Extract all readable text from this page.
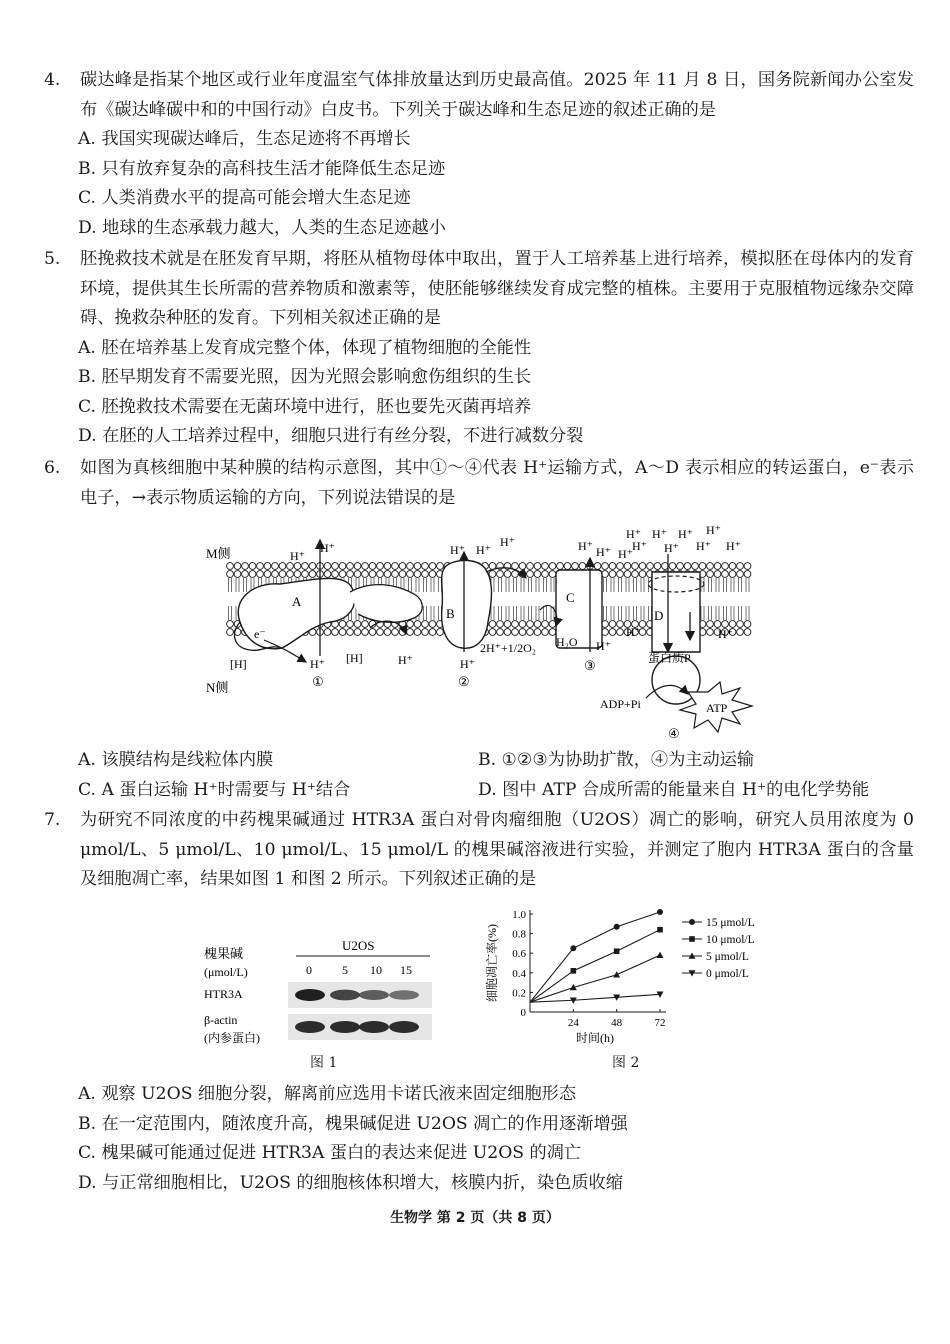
4. 碳达峰是指某个地区或行业年度温室气体排放量达到历史最高值。2025 年 11 月 8 日，国务院新闻办公室发布《碳达峰碳中和的中国行动》白皮书。下列关于碳达峰和生态足迹的叙述正确的是
A. 我国实现碳达峰后，生态足迹将不再增长
B. 只有放弃复杂的高科技生活才能降低生态足迹
C. 人类消费水平的提高可能会增大生态足迹
D. 地球的生态承载力越大，人类的生态足迹越小
5. 胚挽救技术就是在胚发育早期，将胚从植物母体中取出，置于人工培养基上进行培养，模拟胚在母体内的发育环境，提供其生长所需的营养物质和激素等，使胚能够继续发育成完整的植株。主要用于克服植物远缘杂交障碍、挽救杂种胚的发育。下列相关叙述正确的是
A. 胚在培养基上发育成完整个体，体现了植物细胞的全能性
B. 胚早期发育不需要光照，因为光照会影响愈伤组织的生长
C. 胚挽救技术需要在无菌环境中进行，胚也要先灭菌再培养
D. 在胚的人工培养过程中，细胞只进行有丝分裂，不进行减数分裂
6. 如图为真核细胞中某种膜的结构示意图，其中①～④代表 H⁺运输方式，A～D 表示相应的转运蛋白，e⁻表示电子，→表示物质运输的方向，下列说法错误的是
M侧
N侧
A
B
C
D
e⁻
[H]	[H]
H⁺
H⁺
H⁺	H⁺
H⁺ H⁺
H⁺
H⁺
H⁺ H⁺ H⁺
H⁺
H⁺ H⁺ H⁺ H⁺
H⁺ H⁺ H⁺ H⁺
H⁺	H⁺
2H⁺+1/2O₂ H₂O
蛋白质P
ADP+Pi	ATP
①	②
③
④
A. 该膜结构是线粒体内膜	B. ①②③为协助扩散，④为主动运输
C. A 蛋白运输 H⁺时需要与 H⁺结合	D. 图中 ATP 合成所需的能量来自 H⁺的电化学势能
7. 为研究不同浓度的中药槐果碱通过 HTR3A 蛋白对骨肉瘤细胞（U2OS）凋亡的影响，研究人员用浓度为 0 μmol/L、5 μmol/L、10 μmol/L、15 μmol/L 的槐果碱溶液进行实验，并测定了胞内 HTR3A 蛋白的含量及细胞凋亡率，结果如图 1 和图 2 所示。下列叙述正确的是
槐果碱
(μmol/L)
U2OS
0	5 10 15
HTR3A
β-actin
(内参蛋白)
图 1
0
0.2
0.4
0.6
0.8
1.0
24	48	72
时间(h)
细胞凋亡率(%)
15 μmol/L
10 μmol/L
5 μmol/L
0 μmol/L
图 2
A. 观察 U2OS 细胞分裂，解离前应选用卡诺氏液来固定细胞形态
B. 在一定范围内，随浓度升高，槐果碱促进 U2OS 凋亡的作用逐渐增强
C. 槐果碱可能通过促进 HTR3A 蛋白的表达来促进 U2OS 的凋亡
D. 与正常细胞相比，U2OS 的细胞核体积增大，核膜内折，染色质收缩
生物学 第 2 页（共 8 页）
